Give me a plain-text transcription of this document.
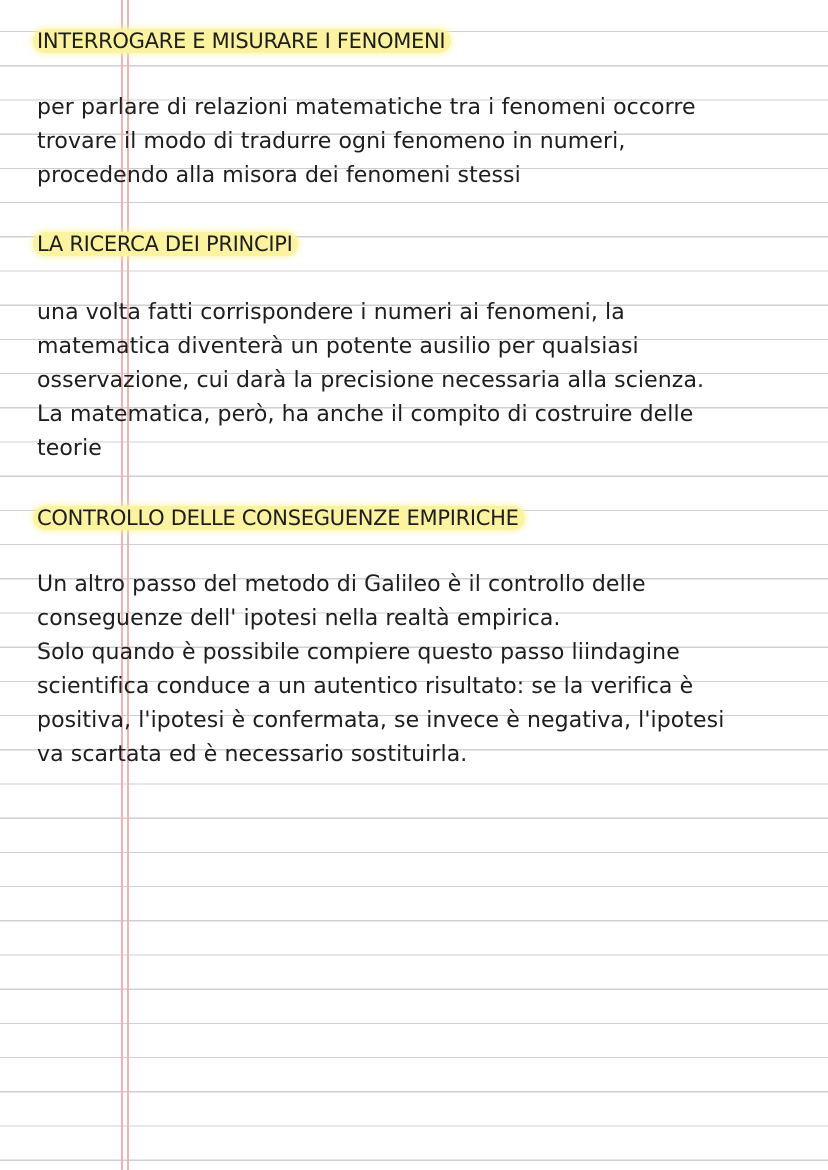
INTERROGARE E MISURARE I FENOMENI
per parlare di relazioni matematiche tra i fenomeni occorre
trovare il modo di tradurre ogni fenomeno in numeri,
procedendo alla misora dei fenomeni stessi
LA RICERCA DEI PRINCIPI
una volta fatti corrispondere i numeri ai fenomeni, la
matematica diventerà un potente ausilio per qualsiasi
osservazione, cui darà la precisione necessaria alla scienza.
La matematica, però, ha anche il compito di costruire delle
teorie
CONTROLLO DELLE CONSEGUENZE EMPIRICHE
Un altro passo del metodo di Galileo è il controllo delle
conseguenze dell' ipotesi nella realtà empirica.
Solo quando è possibile compiere questo passo liindagine
scientifica conduce a un autentico risultato: se la verifica è
positiva, l'ipotesi è confermata, se invece è negativa, l'ipotesi
va scartata ed è necessario sostituirla.
